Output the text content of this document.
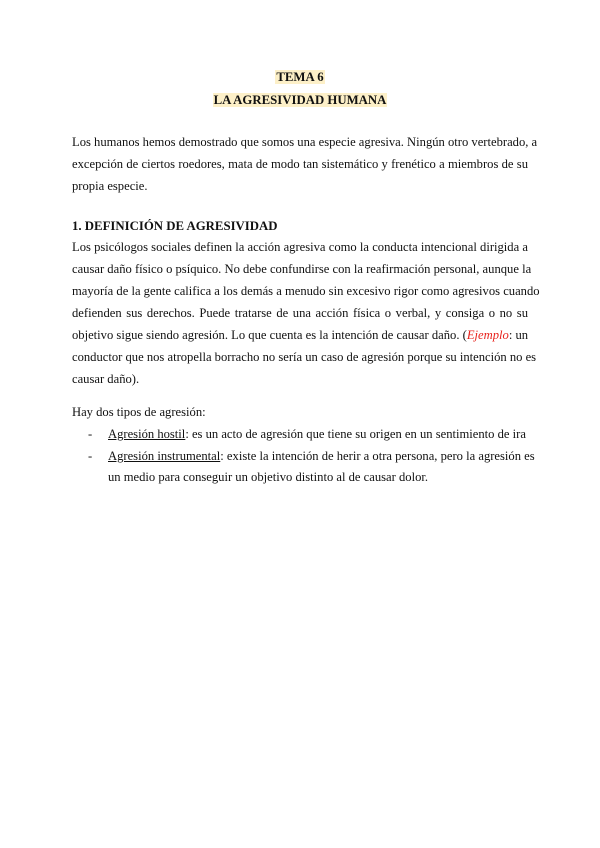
TEMA 6
LA AGRESIVIDAD HUMANA
Los humanos hemos demostrado que somos una especie agresiva. Ningún otro vertebrado, a
excepción de ciertos roedores, mata de modo tan sistemático y frenético a miembros de su
propia especie.
1. DEFINICIÓN DE AGRESIVIDAD
Los psicólogos sociales definen la acción agresiva como la conducta intencional dirigida a
causar daño físico o psíquico. No debe confundirse con la reafirmación personal, aunque la
mayoría de la gente califica a los demás a menudo sin excesivo rigor como agresivos cuando
defienden sus derechos. Puede tratarse de una acción física o verbal, y consiga o no su
objetivo sigue siendo agresión. Lo que cuenta es la intención de causar daño. (Ejemplo: un
conductor que nos atropella borracho no sería un caso de agresión porque su intención no es
causar daño).
Hay dos tipos de agresión:
- Agresión hostil: es un acto de agresión que tiene su origen en un sentimiento de ira
- Agresión instrumental: existe la intención de herir a otra persona, pero la agresión es
un medio para conseguir un objetivo distinto al de causar dolor.
